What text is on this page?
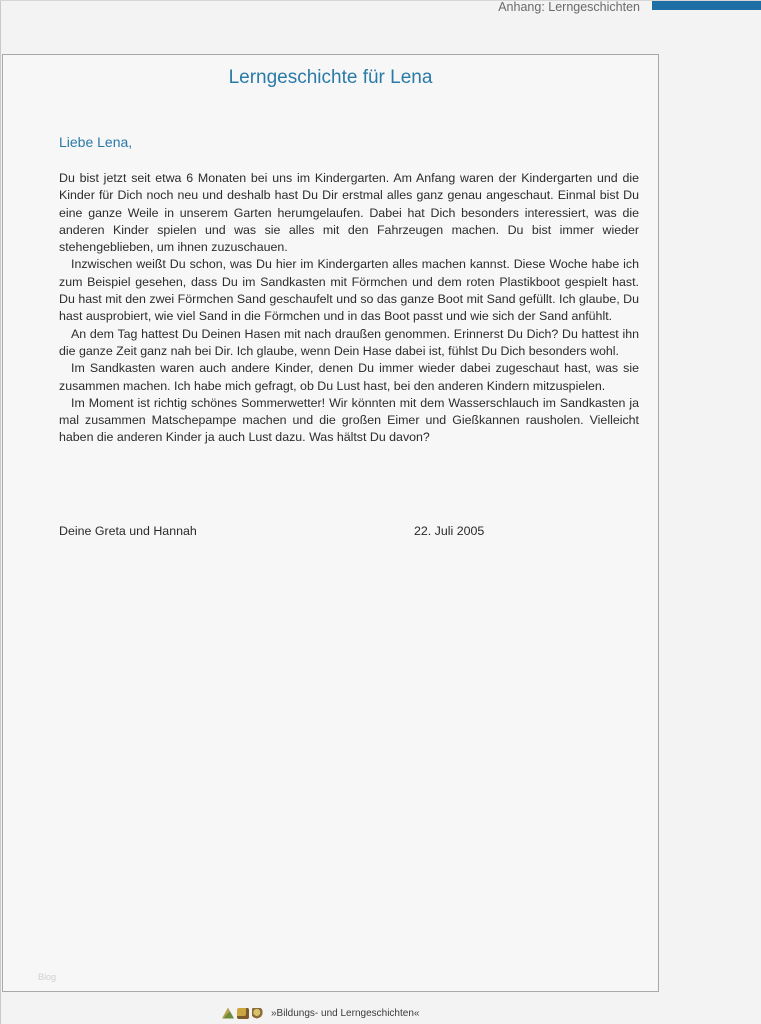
Anhang: Lerngeschichten
Lerngeschichte für Lena
Liebe Lena,

Du bist jetzt seit etwa 6 Monaten bei uns im Kindergarten. Am Anfang waren der Kindergarten und die Kinder für Dich noch neu und deshalb hast Du Dir erstmal alles ganz genau angeschaut. Einmal bist Du eine ganze Weile in unserem Garten herumgelaufen. Dabei hat Dich besonders interessiert, was die anderen Kinder spielen und was sie alles mit den Fahrzeugen machen. Du bist immer wieder stehengeblieben, um ihnen zuzuschauen.

Inzwischen weißt Du schon, was Du hier im Kindergarten alles machen kannst. Diese Woche habe ich zum Beispiel gesehen, dass Du im Sandkasten mit Förmchen und dem roten Plastikboot gespielt hast. Du hast mit den zwei Förmchen Sand geschaufelt und so das ganze Boot mit Sand gefüllt. Ich glaube, Du hast ausprobiert, wie viel Sand in die Förmchen und in das Boot passt und wie sich der Sand anfühlt.

An dem Tag hattest Du Deinen Hasen mit nach draußen genommen. Erinnerst Du Dich? Du hattest ihn die ganze Zeit ganz nah bei Dir. Ich glaube, wenn Dein Hase dabei ist, fühlst Du Dich besonders wohl.

Im Sandkasten waren auch andere Kinder, denen Du immer wieder dabei zugeschaut hast, was sie zusammen machen. Ich habe mich gefragt, ob Du Lust hast, bei den anderen Kindern mitzuspielen.

Im Moment ist richtig schönes Sommerwetter! Wir könnten mit dem Wasserschlauch im Sandkasten ja mal zusammen Matschepampe machen und die großen Eimer und Gießkannen rausholen. Vielleicht haben die anderen Kinder ja auch Lust dazu. Was hältst Du davon?

Deine Greta und Hannah	22. Juli 2005
Blog
»Bildungs- und Lerngeschichten«
